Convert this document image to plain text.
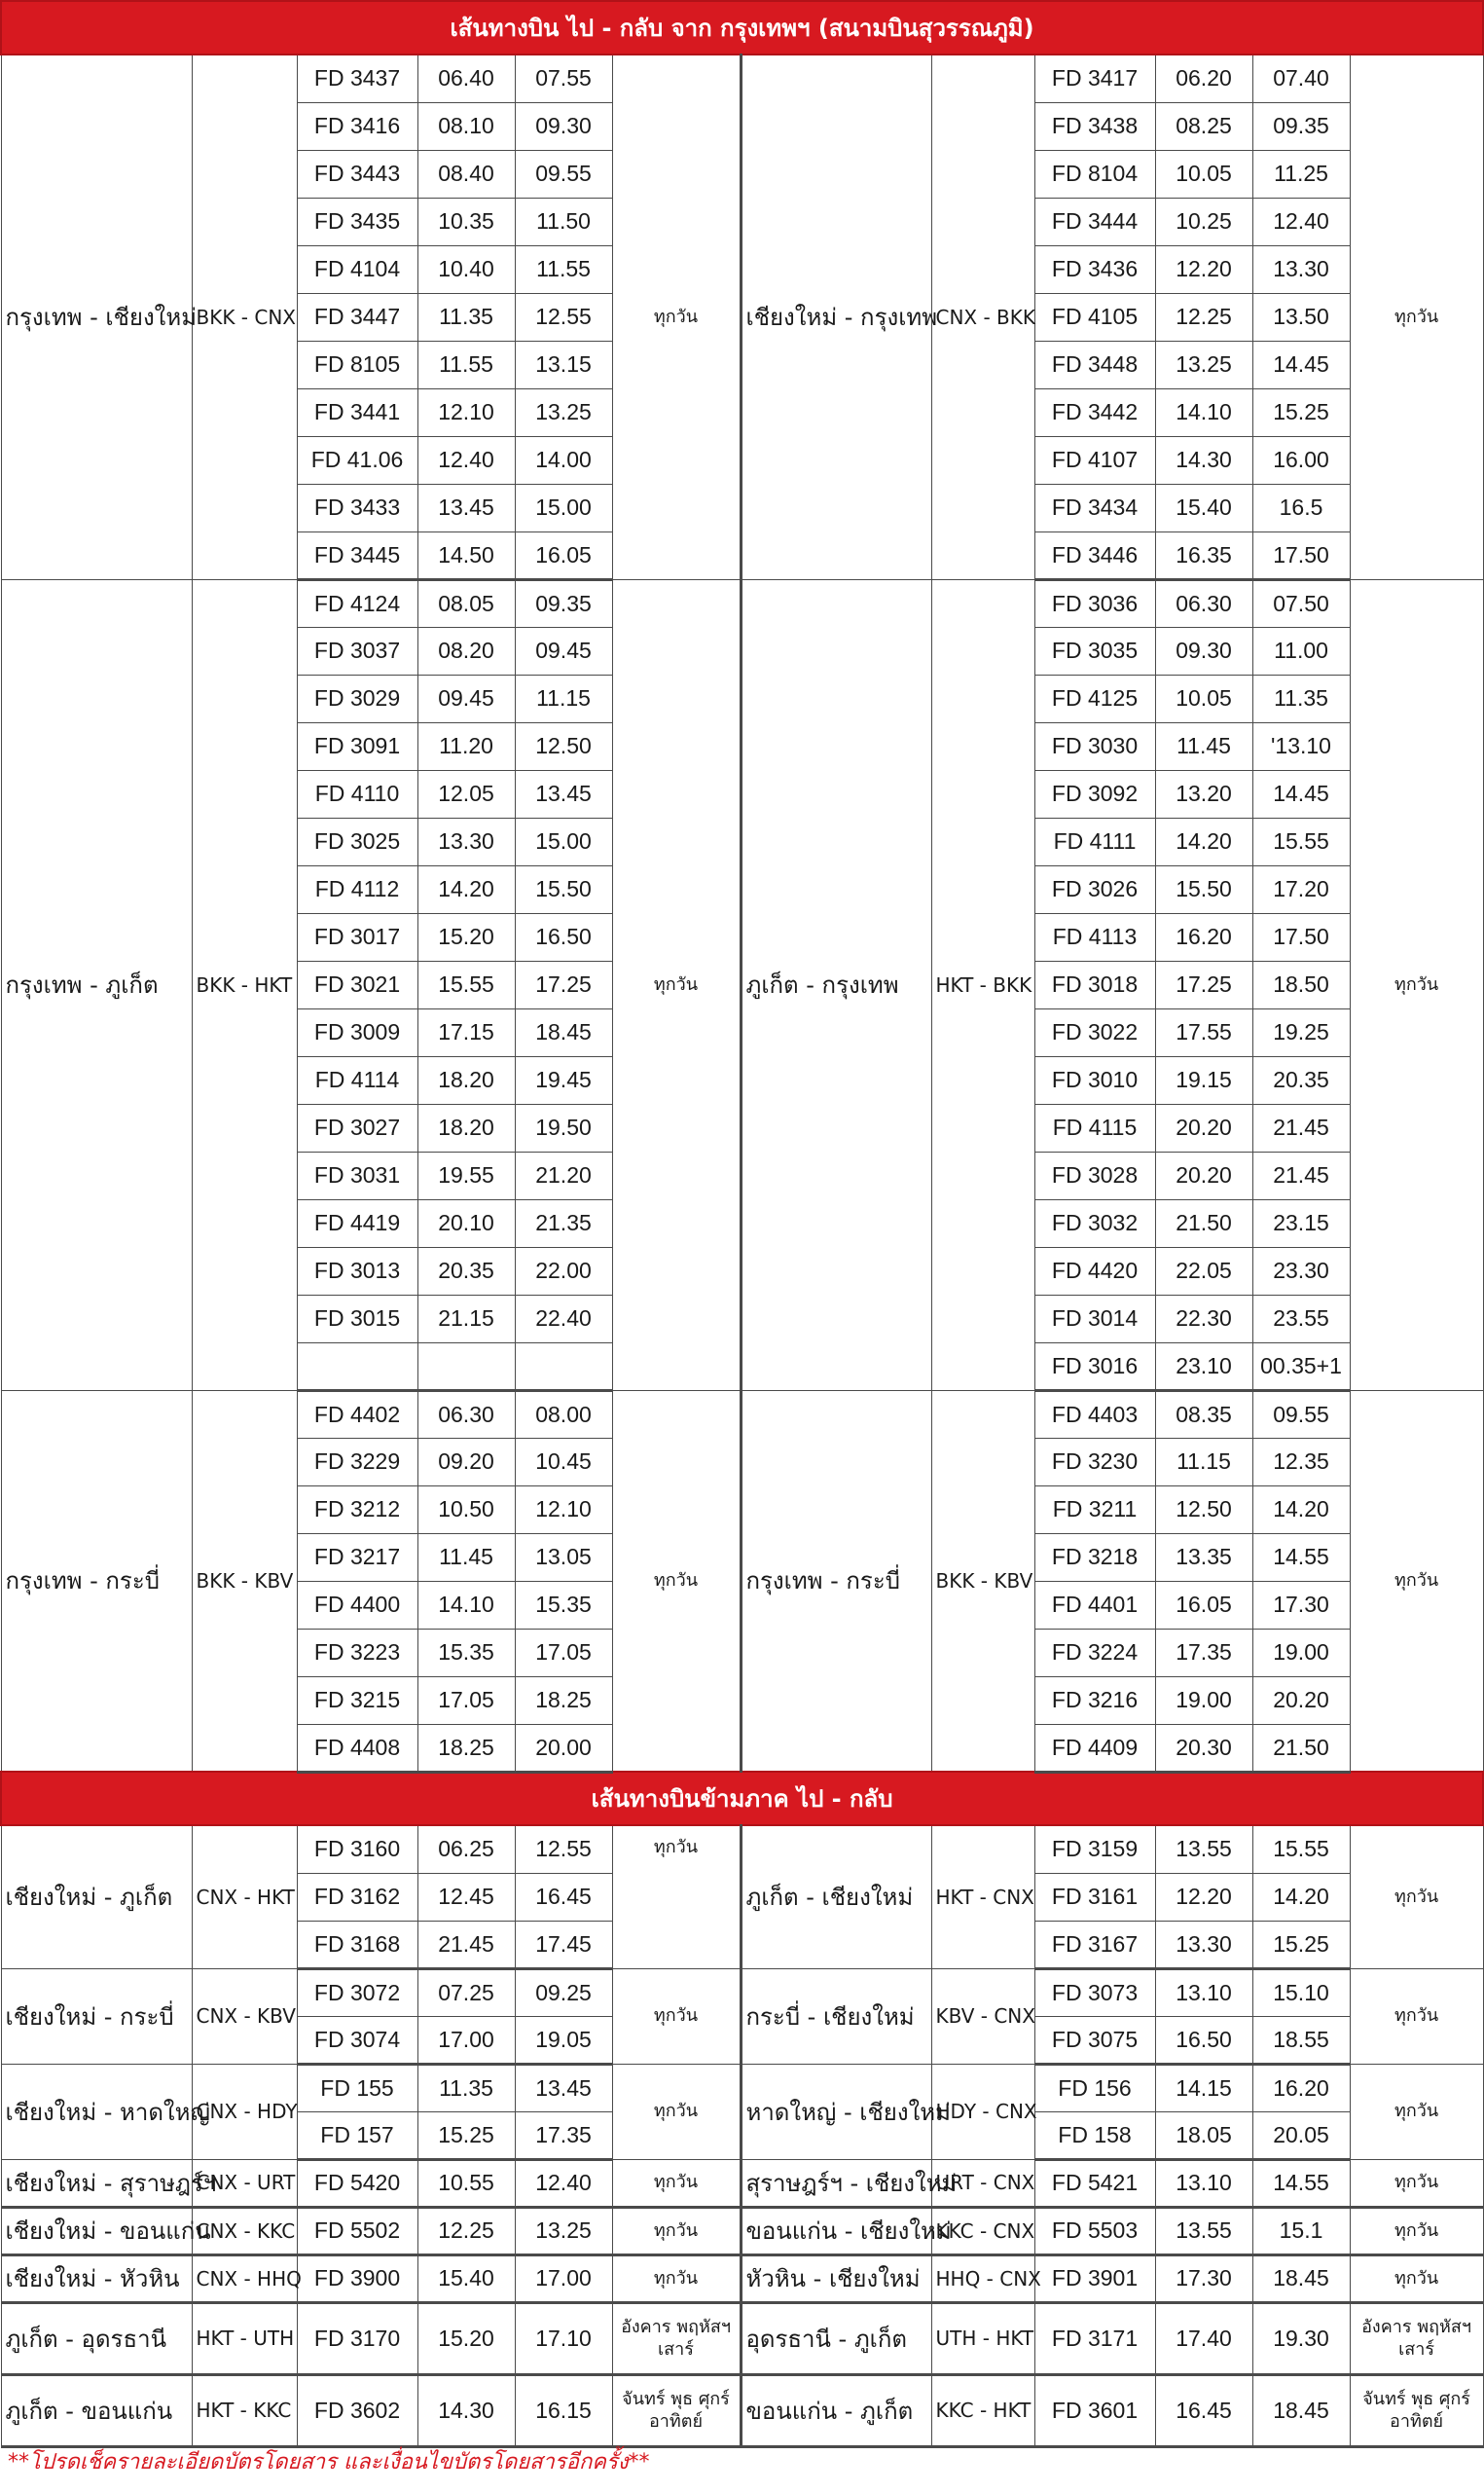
เส้นทางบิน ไป - กลับ จาก กรุงเทพฯ (สนามบินสุวรรณภูมิ)											
กรุงเทพ - เชียงใหม่	BKK - CNX	FD 3437	06.40	07.55	ทุกวัน	เชียงใหม่ - กรุงเทพ	CNX - BKK	FD 3417	06.20	07.40	ทุกวัน
		FD 3416	08.10	09.30				FD 3438	08.25	09.35	
		FD 3443	08.40	09.55				FD 8104	10.05	11.25	
		FD 3435	10.35	11.50				FD 3444	10.25	12.40	
		FD 4104	10.40	11.55				FD 3436	12.20	13.30	
		FD 3447	11.35	12.55				FD 4105	12.25	13.50	
		FD 8105	11.55	13.15				FD 3448	13.25	14.45	
		FD 3441	12.10	13.25				FD 3442	14.10	15.25	
		FD 41.06	12.40	14.00				FD 4107	14.30	16.00	
		FD 3433	13.45	15.00				FD 3434	15.40	16.5	
		FD 3445	14.50	16.05				FD 3446	16.35	17.50	
กรุงเทพ - ภูเก็ต	BKK - HKT	FD 4124	08.05	09.35	ทุกวัน	ภูเก็ต - กรุงเทพ	HKT - BKK	FD 3036	06.30	07.50	ทุกวัน
		FD 3037	08.20	09.45				FD 3035	09.30	11.00	
		FD 3029	09.45	11.15				FD 4125	10.05	11.35	
		FD 3091	11.20	12.50				FD 3030	11.45	'13.10	
		FD 4110	12.05	13.45				FD 3092	13.20	14.45	
		FD 3025	13.30	15.00				FD 4111	14.20	15.55	
		FD 4112	14.20	15.50				FD 3026	15.50	17.20	
		FD 3017	15.20	16.50				FD 4113	16.20	17.50	
		FD 3021	15.55	17.25				FD 3018	17.25	18.50	
		FD 3009	17.15	18.45				FD 3022	17.55	19.25	
		FD 4114	18.20	19.45				FD 3010	19.15	20.35	
		FD 3027	18.20	19.50				FD 4115	20.20	21.45	
		FD 3031	19.55	21.20				FD 3028	20.20	21.45	
		FD 4419	20.10	21.35				FD 3032	21.50	23.15	
		FD 3013	20.35	22.00				FD 4420	22.05	23.30	
		FD 3015	21.15	22.40				FD 3014	22.30	23.55	
								FD 3016	23.10	00.35+1	
กรุงเทพ - กระบี่	BKK - KBV	FD 4402	06.30	08.00	ทุกวัน	กรุงเทพ - กระบี่	BKK - KBV	FD 4403	08.35	09.55	ทุกวัน
		FD 3229	09.20	10.45				FD 3230	11.15	12.35	
		FD 3212	10.50	12.10				FD 3211	12.50	14.20	
		FD 3217	11.45	13.05				FD 3218	13.35	14.55	
		FD 4400	14.10	15.35				FD 4401	16.05	17.30	
		FD 3223	15.35	17.05				FD 3224	17.35	19.00	
		FD 3215	17.05	18.25				FD 3216	19.00	20.20	
		FD 4408	18.25	20.00				FD 4409	20.30	21.50	
เส้นทางบินข้ามภาค ไป - กลับ											
เชียงใหม่ - ภูเก็ต	CNX - HKT	FD 3160	06.25	12.55	ทุกวัน	ภูเก็ต - เชียงใหม่	HKT - CNX	FD 3159	13.55	15.55	ทุกวัน
		FD 3162	12.45	16.45				FD 3161	12.20	14.20	
		FD 3168	21.45	17.45				FD 3167	13.30	15.25	
เชียงใหม่ - กระบี่	CNX - KBV	FD 3072	07.25	09.25	ทุกวัน	กระบี่ - เชียงใหม่	KBV - CNX	FD 3073	13.10	15.10	ทุกวัน
		FD 3074	17.00	19.05				FD 3075	16.50	18.55	
เชียงใหม่ - หาดใหญ่	CNX - HDY	FD 155	11.35	13.45	ทุกวัน	หาดใหญ่ - เชียงใหม่	HDY - CNX	FD 156	14.15	16.20	ทุกวัน
		FD 157	15.25	17.35				FD 158	18.05	20.05	
เชียงใหม่ - สุราษฎร์ฯ	CNX - URT	FD 5420	10.55	12.40	ทุกวัน	สุราษฎร์ฯ - เชียงใหม่	URT - CNX	FD 5421	13.10	14.55	ทุกวัน
เชียงใหม่ - ขอนแก่น	CNX - KKC	FD 5502	12.25	13.25	ทุกวัน	ขอนแก่น - เชียงใหม่	KKC - CNX	FD 5503	13.55	15.1	ทุกวัน
เชียงใหม่ - หัวหิน	CNX - HHQ	FD 3900	15.40	17.00	ทุกวัน	หัวหิน - เชียงใหม่	HHQ - CNX	FD 3901	17.30	18.45	ทุกวัน
ภูเก็ต - อุดรธานี	HKT - UTH	FD 3170	15.20	17.10	อังคาร พฤหัสฯ เสาร์	อุดรธานี - ภูเก็ต	UTH - HKT	FD 3171	17.40	19.30	อังคาร พฤหัสฯ เสาร์
ภูเก็ต - ขอนแก่น	HKT - KKC	FD 3602	14.30	16.15	จันทร์ พุธ ศุกร์ อาทิตย์	ขอนแก่น - ภูเก็ต	KKC - HKT	FD 3601	16.45	18.45	จันทร์ พุธ ศุกร์ อาทิตย์
**โปรดเช็ครายละเอียดบัตรโดยสาร และเงื่อนไขบัตรโดยสารอีกครั้ง**
